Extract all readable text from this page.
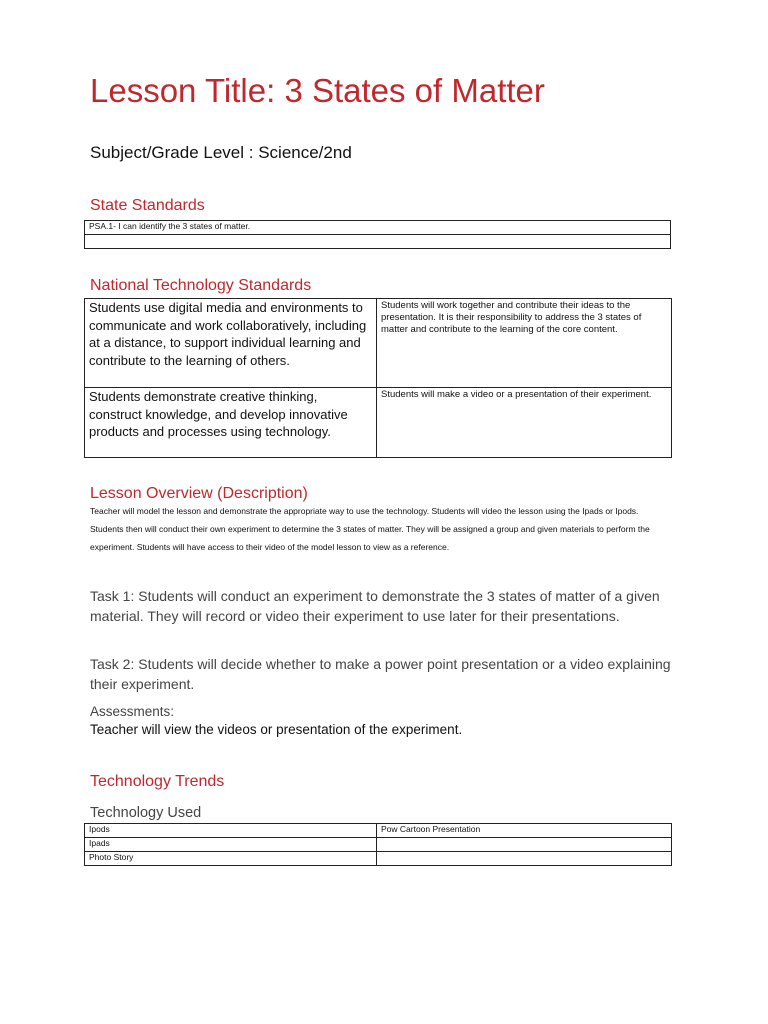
Lesson Title: 3 States of Matter
Subject/Grade Level : Science/2nd
State Standards
PSA.1- I can identify the 3 states of matter.

National Technology Standards
Students use digital media and environments to communicate and work collaboratively, including at a distance, to support individual learning and contribute to the learning of others.	Students will work together and contribute their ideas to the presentation. It is their responsibility to address the 3 states of matter and contribute to the learning of the core content.
Students demonstrate creative thinking, construct knowledge, and develop innovative products and processes using technology.	Students will make a video or a presentation of their experiment.
Lesson Overview (Description)
Teacher will model the lesson and demonstrate the appropriate way to use the technology. Students will video the lesson using the Ipads or Ipods. Students then will conduct their own experiment to determine the 3 states of matter. They will be assigned a group and given materials to perform the experiment. Students will have access to their video of the model lesson to view as a reference.
Task 1: Students will conduct an experiment to demonstrate the 3 states of matter of a given material. They will record or video their experiment to use later for their presentations.
Task 2: Students will decide whether to make a power point presentation or a video explaining their experiment.
Assessments:
Teacher will view the videos or presentation of the experiment.
Technology Trends
Technology Used
Ipods	Pow Cartoon Presentation
Ipads	
Photo Story	
